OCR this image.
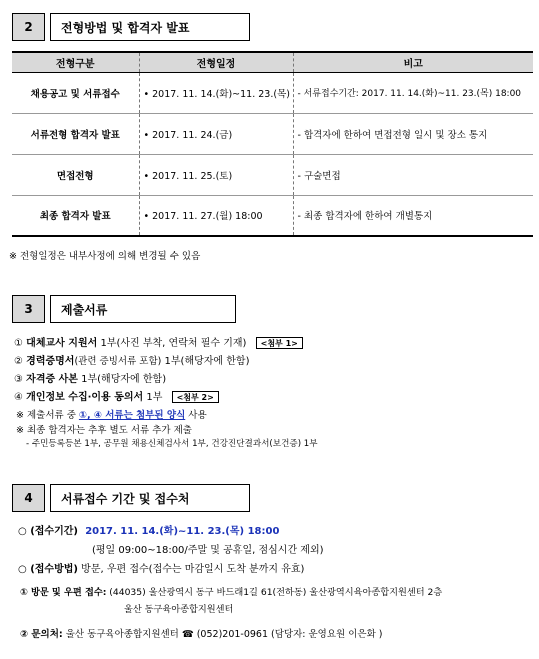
2	전형방법 및 합격자 발표
전형구분	전형일정	비고
채용공고 및 서류접수	• 2017. 11. 14.(화)~11. 23.(목)	- 서류접수기간: 2017. 11. 14.(화)~11. 23.(목) 18:00
서류전형 합격자 발표	• 2017. 11. 24.(금)	- 합격자에 한하여 면접전형 일시 및 장소 통지
면접전형	• 2017. 11. 25.(토)	- 구술면접
최종 합격자 발표	• 2017. 11. 27.(월) 18:00	- 최종 합격자에 한하여 개별통지
※ 전형일정은 내부사정에 의해 변경될 수 있음
3	제출서류
① 대체교사 지원서 1부(사진 부착, 연락처 필수 기재) <첨부 1>
② 경력증명서(관련 증빙서류 포함) 1부(해당자에 한함)
③ 자격증 사본 1부(해당자에 한함)
④ 개인정보 수집·이용 동의서 1부 <첨부 2>
※ 제출서류 중 ①, ④ 서류는 첨부된 양식 사용
※ 최종 합격자는 추후 별도 서류 추가 제출
- 주민등록등본 1부, 공무원 채용신체검사서 1부, 건강진단결과서(보건증) 1부
4	서류접수 기간 및 접수처
○ (접수기간) 2017. 11. 14.(화)~11. 23.(목) 18:00
(평일 09:00~18:00/주말 및 공휴일, 점심시간 제외)
○ (접수방법) 방문, 우편 접수(접수는 마감일시 도착 분까지 유효)
① 방문 및 우편 접수: (44035) 울산광역시 동구 바드래1길 61(전하동) 울산광역시육아종합지원센터 2층
울산 동구육아종합지원센터
② 문의처: 울산 동구육아종합지원센터 ☎ (052)201-0961 (담당자: 운영요원 이은화 )
